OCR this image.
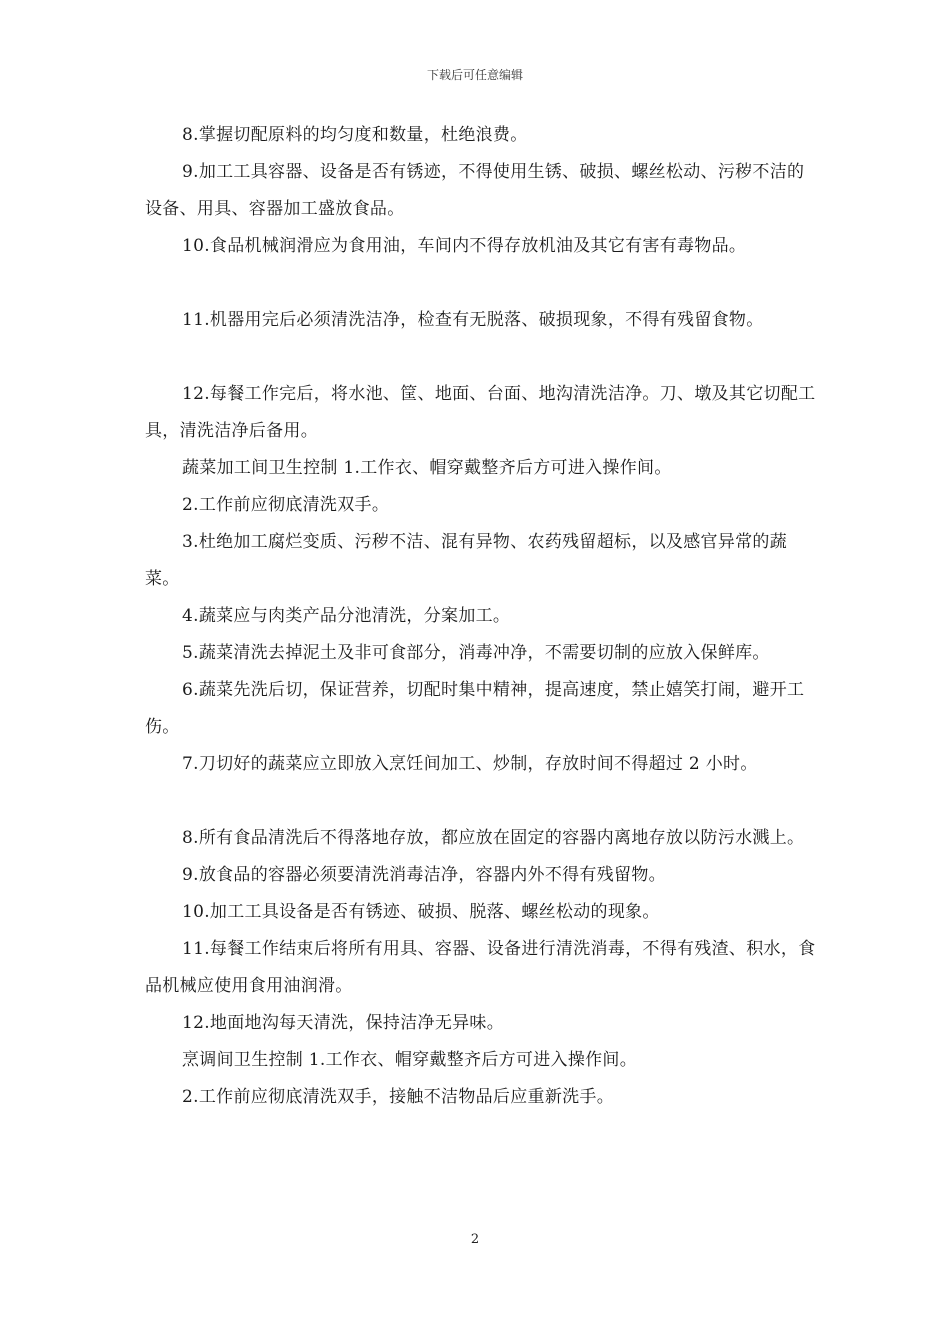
下载后可任意编辑

8.掌握切配原料的均匀度和数量，杜绝浪费。

9.加工工具容器、设备是否有锈迹，不得使用生锈、破损、螺丝松动、污秽不洁的设备、用具、容器加工盛放食品。

10.食品机械润滑应为食用油，车间内不得存放机油及其它有害有毒物品。

11.机器用完后必须清洗洁净，检查有无脱落、破损现象，不得有残留食物。

12.每餐工作完后，将水池、筐、地面、台面、地沟清洗洁净。刀、墩及其它切配工具，清洗洁净后备用。

蔬菜加工间卫生控制 1.工作衣、帽穿戴整齐后方可进入操作间。

2.工作前应彻底清洗双手。

3.杜绝加工腐烂变质、污秽不洁、混有异物、农药残留超标，以及感官异常的蔬菜。

4.蔬菜应与肉类产品分池清洗，分案加工。

5.蔬菜清洗去掉泥土及非可食部分，消毒冲净，不需要切制的应放入保鲜库。

6.蔬菜先洗后切，保证营养，切配时集中精神，提高速度，禁止嬉笑打闹，避开工伤。

7.刀切好的蔬菜应立即放入烹饪间加工、炒制，存放时间不得超过 2 小时。

8.所有食品清洗后不得落地存放，都应放在固定的容器内离地存放以防污水溅上。

9.放食品的容器必须要清洗消毒洁净，容器内外不得有残留物。

10.加工工具设备是否有锈迹、破损、脱落、螺丝松动的现象。

11.每餐工作结束后将所有用具、容器、设备进行清洗消毒，不得有残渣、积水，食品机械应使用食用油润滑。

12.地面地沟每天清洗，保持洁净无异味。

烹调间卫生控制 1.工作衣、帽穿戴整齐后方可进入操作间。

2.工作前应彻底清洗双手，接触不洁物品后应重新洗手。

2
